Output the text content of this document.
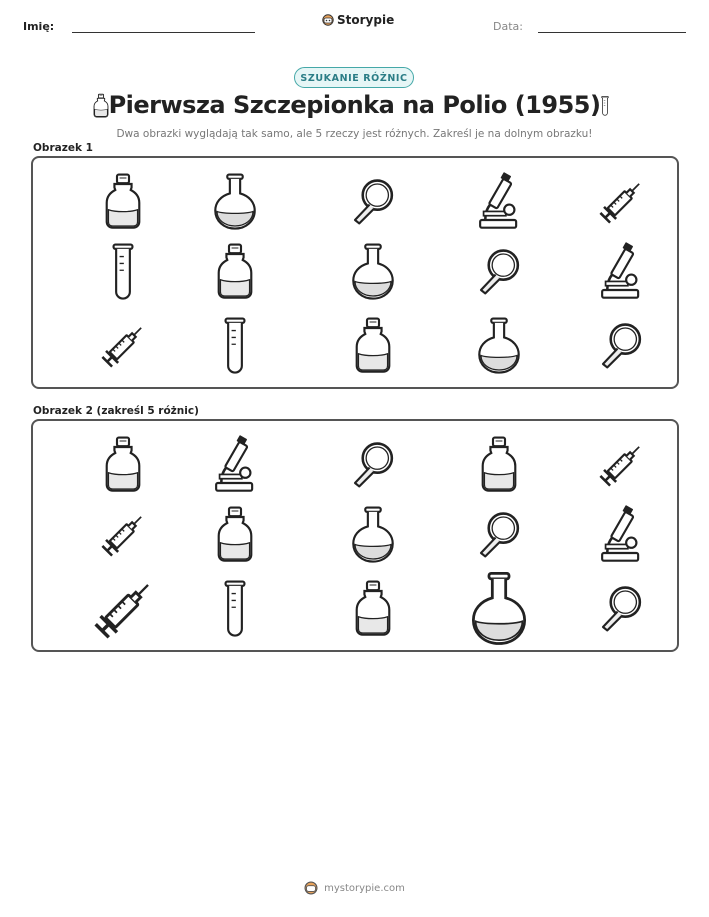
Imię:	Storypie	Data:
SZUKANIE RÓŻNIC
Pierwsza Szczepionka na Polio (1955)
Dwa obrazki wyglądają tak samo, ale 5 rzeczy jest różnych. Zakreśl je na dolnym obrazku!
Obrazek 1
Obrazek 2 (zakreśl 5 różnic)
mystorypie.com
